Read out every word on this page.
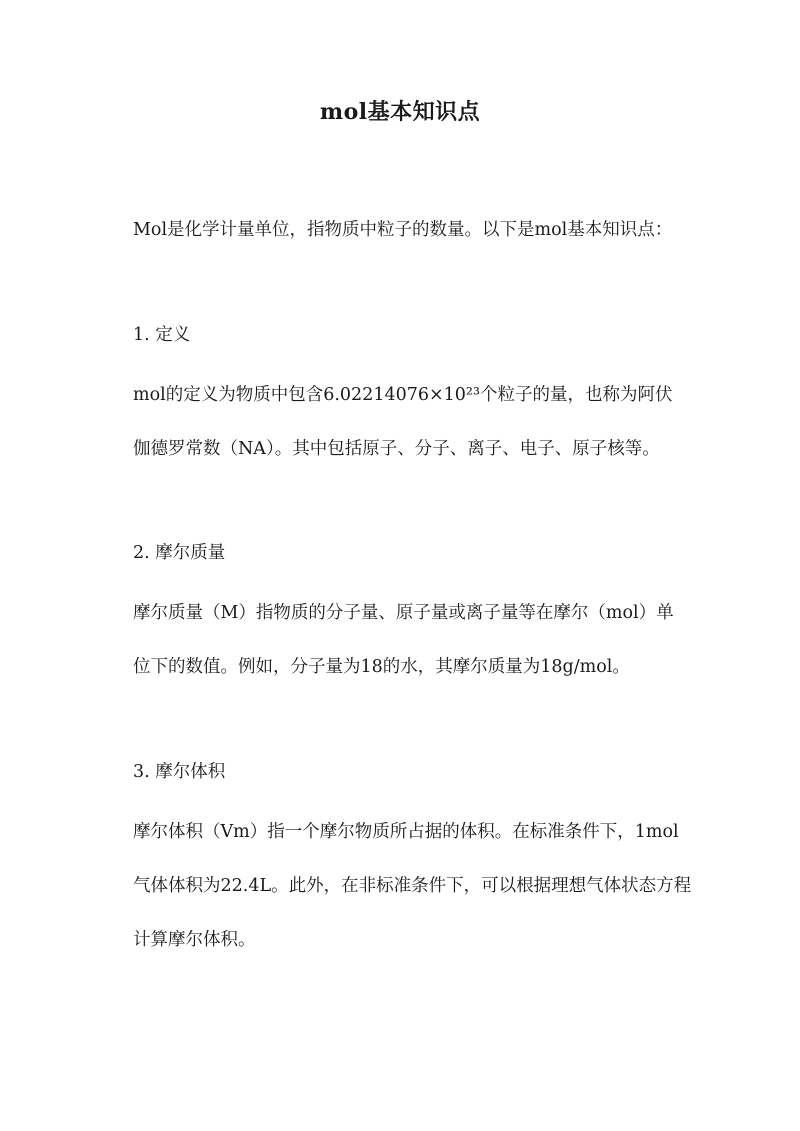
mol基本知识点
Mol是化学计量单位，指物质中粒子的数量。以下是mol基本知识点：
1. 定义
mol的定义为物质中包含6.02214076×10²³个粒子的量，也称为阿伏
伽德罗常数（NA）。其中包括原子、分子、离子、电子、原子核等。
2. 摩尔质量
摩尔质量（M）指物质的分子量、原子量或离子量等在摩尔（mol）单
位下的数值。例如，分子量为18的水，其摩尔质量为18g/mol。
3. 摩尔体积
摩尔体积（Vm）指一个摩尔物质所占据的体积。在标准条件下，1mol
气体体积为22.4L。此外，在非标准条件下，可以根据理想气体状态方程
计算摩尔体积。
